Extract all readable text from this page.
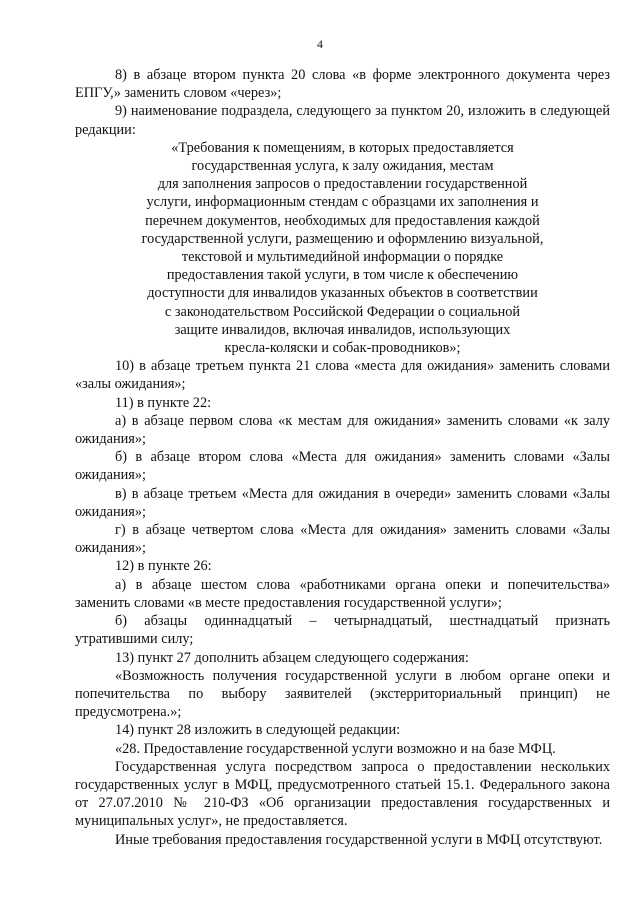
4

8) в абзаце втором пункта 20 слова «в форме электронного документа через ЕПГУ,» заменить словом «через»;

9) наименование подраздела, следующего за пунктом 20, изложить в следующей редакции:

«Требования к помещениям, в которых предоставляется

государственная услуга, к залу ожидания, местам

для заполнения запросов о предоставлении государственной

услуги, информационным стендам с образцами их заполнения и

перечнем документов, необходимых для предоставления каждой

государственной услуги, размещению и оформлению визуальной,

текстовой и мультимедийной информации о порядке

предоставления такой услуги, в том числе к обеспечению

доступности для инвалидов указанных объектов в соответствии

с законодательством Российской Федерации о социальной

защите инвалидов, включая инвалидов, использующих

кресла-коляски и собак-проводников»;

10) в абзаце третьем пункта 21 слова «места для ожидания» заменить словами «залы ожидания»;

11) в пункте 22:

а) в абзаце первом слова «к местам для ожидания» заменить словами «к залу ожидания»;

б) в абзаце втором слова «Места для ожидания» заменить словами «Залы ожидания»;

в) в абзаце третьем «Места для ожидания в очереди» заменить словами «Залы ожидания»;

г) в абзаце четвертом слова «Места для ожидания» заменить словами «Залы ожидания»;

12) в пункте 26:

а) в абзаце шестом слова «работниками органа опеки и попечительства» заменить словами «в месте предоставления государственной услуги»;

б) абзацы одиннадцатый – четырнадцатый, шестнадцатый признать утратившими силу;

13) пункт 27 дополнить абзацем следующего содержания:

«Возможность получения государственной услуги в любом органе опеки и попечительства по выбору заявителей (экстерриториальный принцип) не предусмотрена.»;

14) пункт 28 изложить в следующей редакции:

«28. Предоставление государственной услуги возможно и на базе МФЦ.

Государственная услуга посредством запроса о предоставлении нескольких государственных услуг в МФЦ, предусмотренного статьей 15.1. Федерального закона от 27.07.2010 № 210-ФЗ «Об организации предоставления государственных и муниципальных услуг», не предоставляется.

Иные требования предоставления государственной услуги в МФЦ отсутствуют.
